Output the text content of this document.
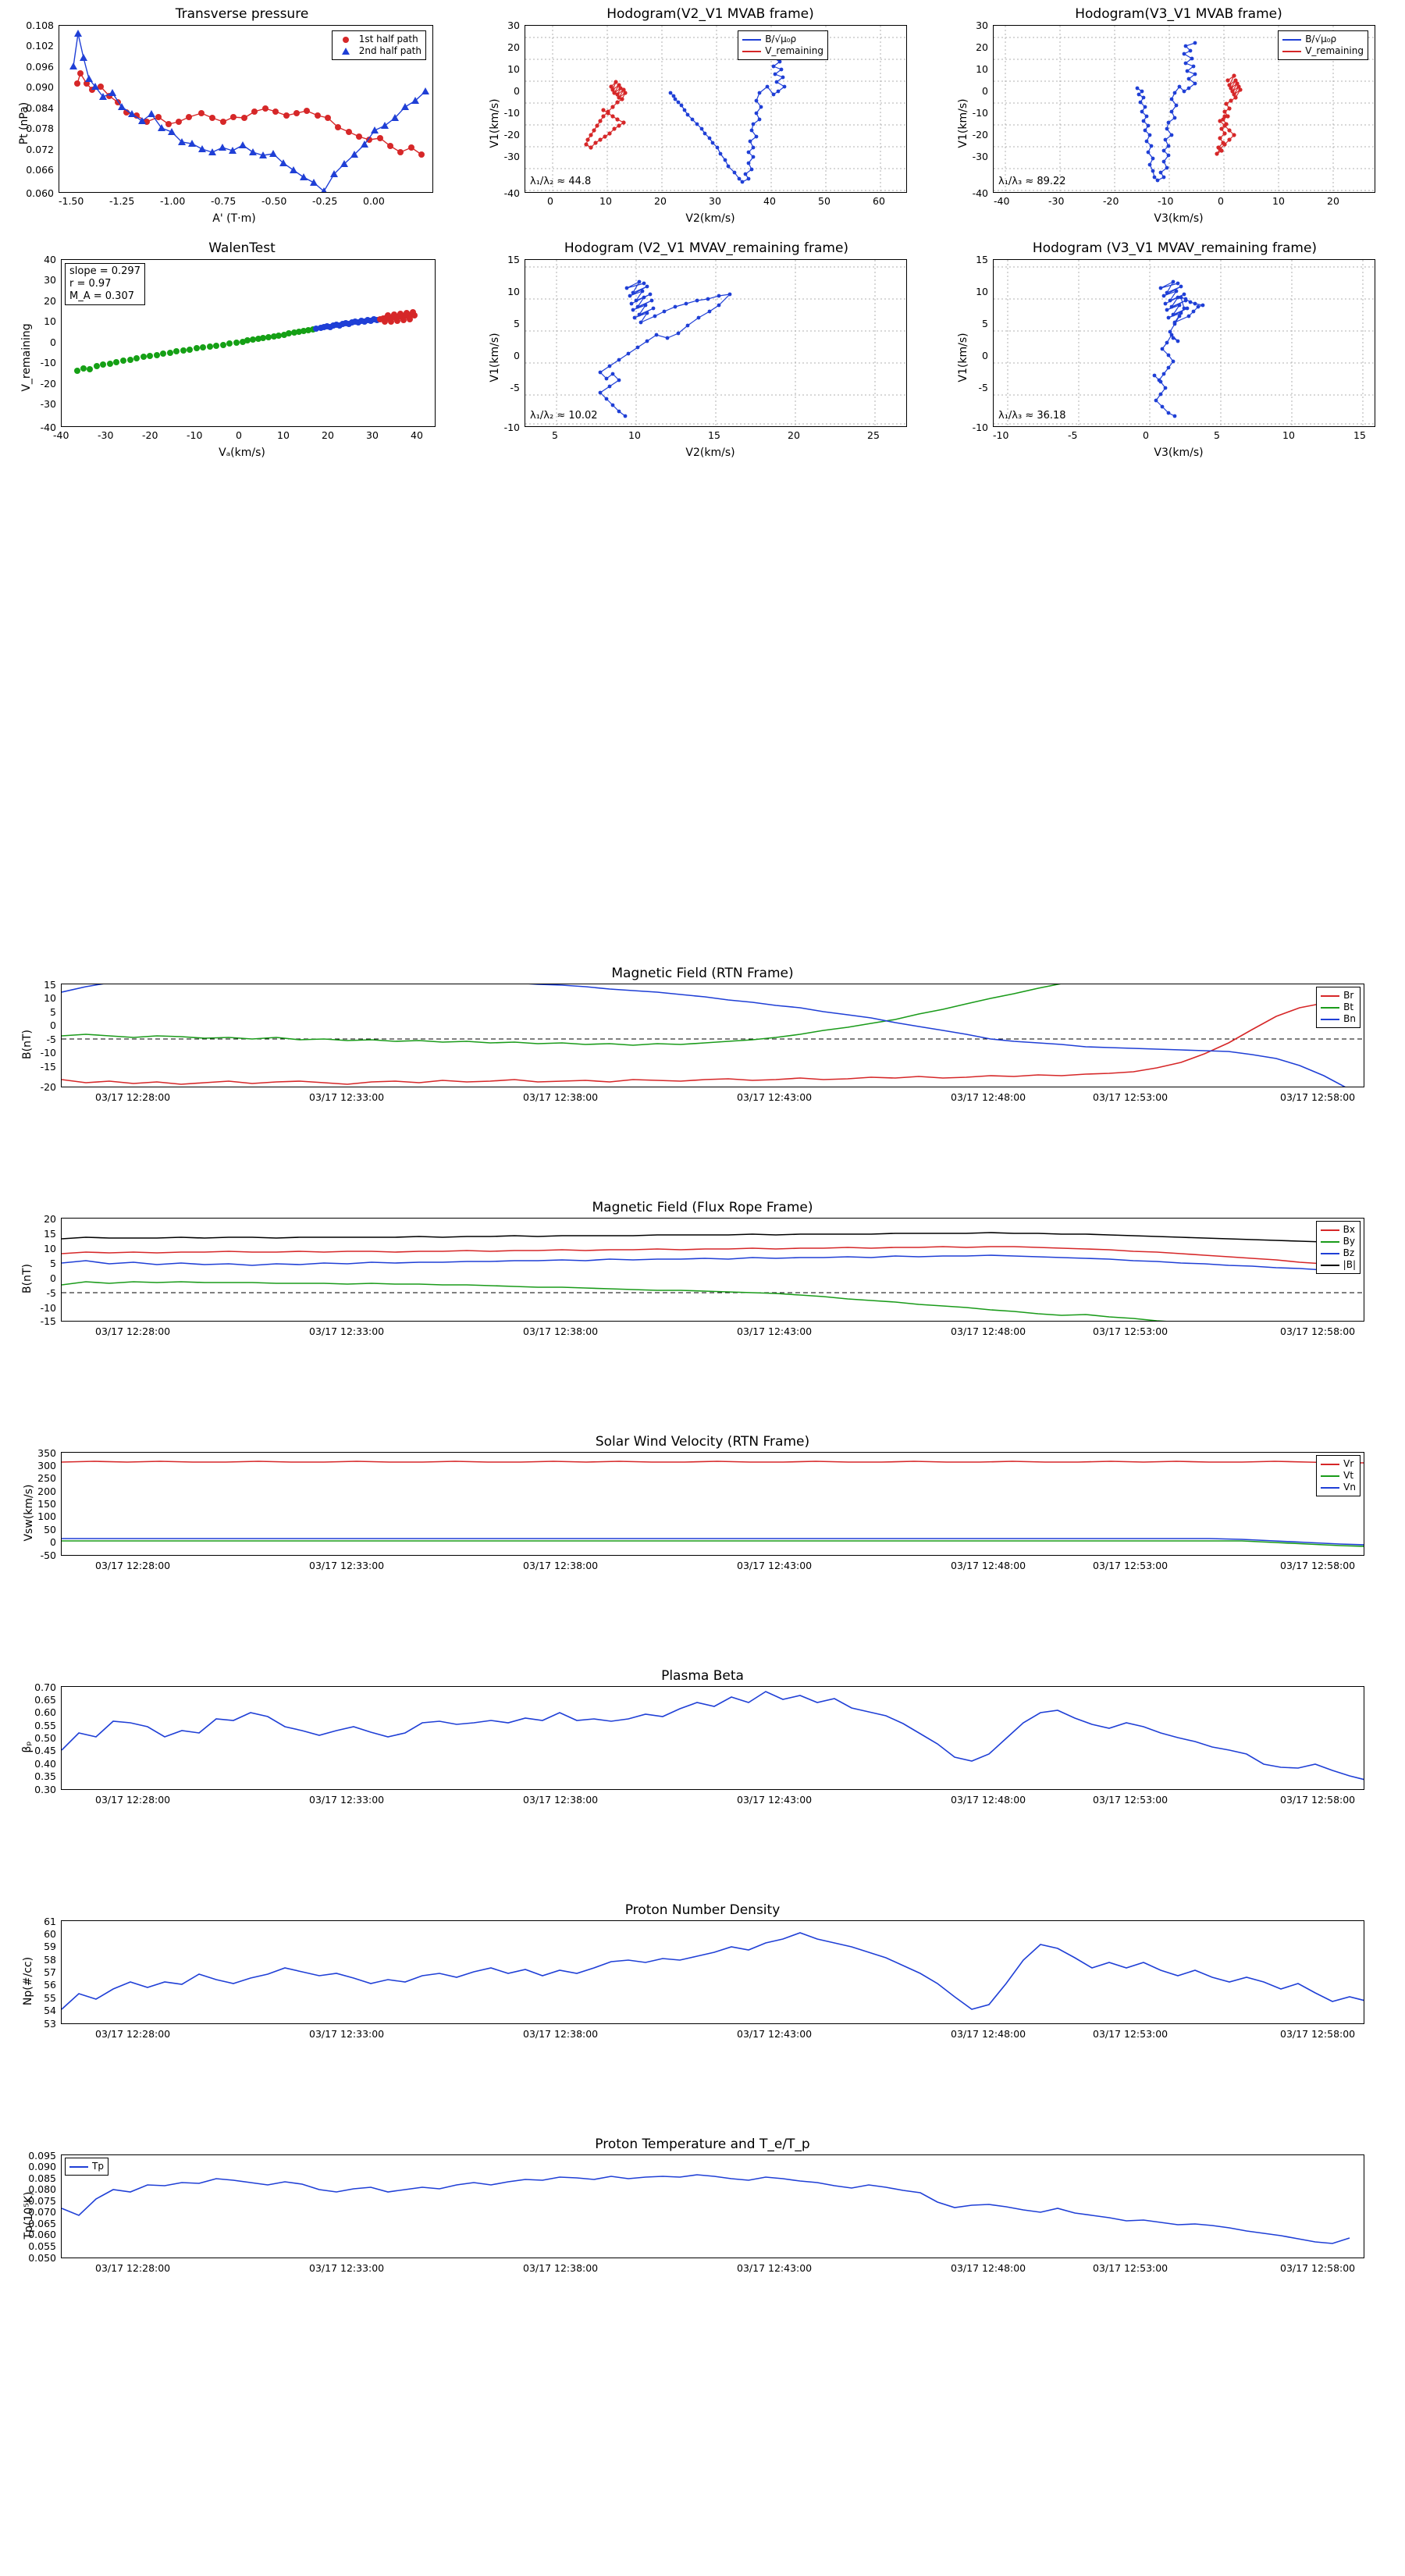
Transverse pressure
Pt (nPa)
A' (T·m)
1st half path
2nd half path
0.108
0.102
0.096
0.090
0.084
0.078
0.072
0.066
0.060
-1.50	-1.25	-1.00	-0.75	-0.50	-0.25	0.00
Hodogram(V2_V1 MVAB frame)
V1(km/s)
V2(km/s)
B/√μ₀ρ
V_remaining
λ₁/λ₂ ≈ 44.8
30
20
10
0
-10
-20
-30
-40
0	10	20	30	40	50	60
Hodogram(V3_V1 MVAB frame)
V1(km/s)
V3(km/s)
B/√μ₀ρ
V_remaining
λ₁/λ₃ ≈ 89.22
30
20
10
0
-10
-20
-30
-40
-40	-30	-20	-10	0	10	20
WalenTest
V_remaining
Vₐ(km/s)
slope = 0.297
r = 0.97
M_A = 0.307
40
30
20
10
0
-10
-20
-30
-40
-40	-30	-20	-10	0	10	20	30	40
Hodogram (V2_V1 MVAV_remaining frame)
V1(km/s)
V2(km/s)
λ₁/λ₂ ≈ 10.02
15
10
5
0
-5
-10
5	10	15	20	25
Hodogram (V3_V1 MVAV_remaining frame)
V1(km/s)
V3(km/s)
λ₁/λ₃ ≈ 36.18
15
10
5
0
-5
-10
-10	-5	0	5	10	15
Magnetic Field (RTN Frame)
B(nT)
Br
Bt
Bn
15
10
5
0
-5
-10
-15
-20
03/17 12:28:00	03/17 12:33:00	03/17 12:38:00	03/17 12:43:00	03/17 12:48:00	03/17 12:53:00	03/17 12:58:00
Magnetic Field (Flux Rope Frame)
B(nT)
Bx
By
Bz
|B|
20
15
10
5
0
-5
-10
-15
03/17 12:28:00	03/17 12:33:00	03/17 12:38:00	03/17 12:43:00	03/17 12:48:00	03/17 12:53:00	03/17 12:58:00
Solar Wind Velocity (RTN Frame)
Vsw(km/s)
Vr
Vt
Vn
350
300
250
200
150
100
50
0
-50
03/17 12:28:00	03/17 12:33:00	03/17 12:38:00	03/17 12:43:00	03/17 12:48:00	03/17 12:53:00	03/17 12:58:00
Plasma Beta
βₚ
0.70
0.65
0.60
0.55
0.50
0.45
0.40
0.35
0.30
03/17 12:28:00	03/17 12:33:00	03/17 12:38:00	03/17 12:43:00	03/17 12:48:00	03/17 12:53:00	03/17 12:58:00
Proton Number Density
Np(#/cc)
61
60
59
58
57
56
55
54
53
03/17 12:28:00	03/17 12:33:00	03/17 12:38:00	03/17 12:43:00	03/17 12:48:00	03/17 12:53:00	03/17 12:58:00
Proton Temperature and T_e/T_p
Tp(10⁵K)
Tp
0.095
0.090
0.085
0.080
0.075
0.070
0.065
0.060
0.055
0.050
03/17 12:28:00	03/17 12:33:00	03/17 12:38:00	03/17 12:43:00	03/17 12:48:00	03/17 12:53:00	03/17 12:58:00
